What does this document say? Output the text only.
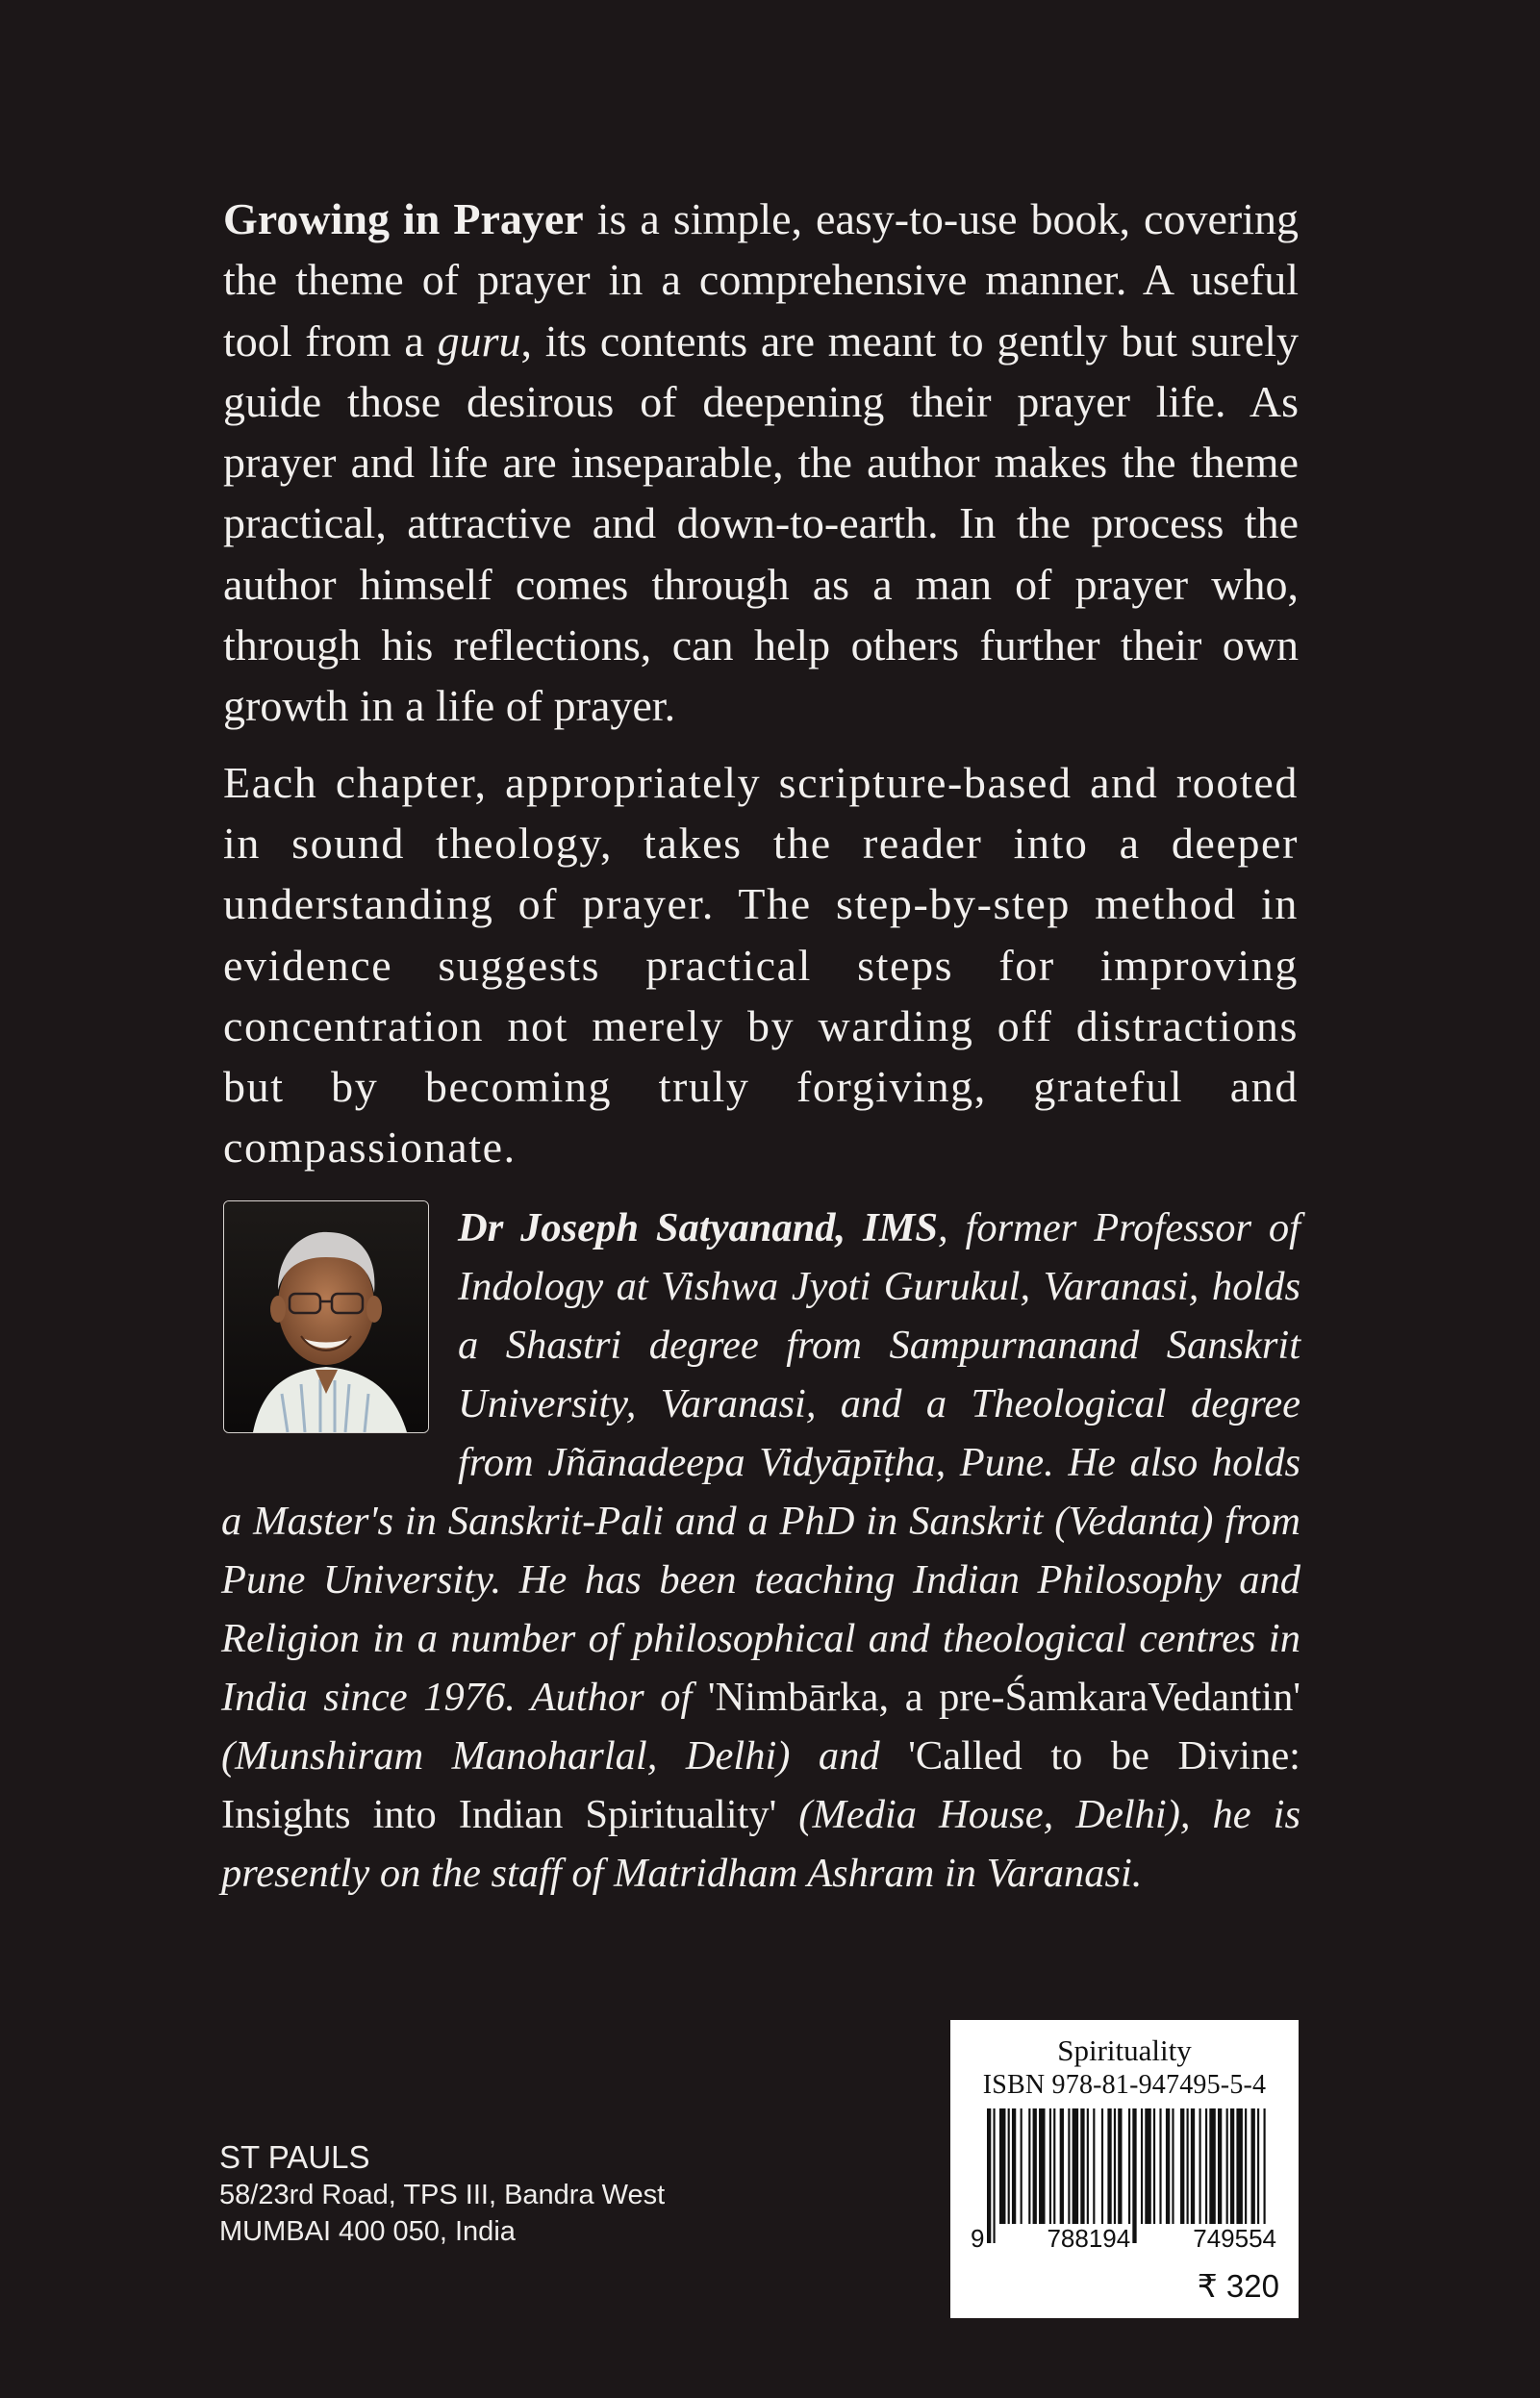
Growing in Prayer is a simple, easy-to-use book, covering the theme of prayer in a comprehensive manner. A useful tool from a guru, its contents are meant to gently but surely guide those desirous of deepening their prayer life. As prayer and life are inseparable, the author makes the theme practical, attractive and down-to-earth. In the process the author himself comes through as a man of prayer who, through his reflections, can help others further their own growth in a life of prayer.

Each chapter, appropriately scripture-based and rooted in sound theology, takes the reader into a deeper understanding of prayer. The step-by-step method in evidence suggests practical steps for improving concentration not merely by warding off distractions but by becoming truly forgiving, grateful and compassionate.

Dr Joseph Satyanand, IMS, former Professor of Indology at Vishwa Jyoti Gurukul, Varanasi, holds a Shastri degree from Sampurnanand Sanskrit University, Varanasi, and a Theological degree from Jñānadeepa Vidyāpīṭha, Pune. He also holds a Master's in Sanskrit-Pali and a PhD in Sanskrit (Vedanta) from Pune University. He has been teaching Indian Philosophy and Religion in a number of philosophical and theological centres in India since 1976. Author of 'Nimbārka, a pre-ŚamkaraVedantin' (Munshiram Manoharlal, Delhi) and 'Called to be Divine: Insights into Indian Spirituality' (Media House, Delhi), he is presently on the staff of Matridham Ashram in Varanasi.

ST PAULS
58/23rd Road, TPS III, Bandra West
MUMBAI 400 050, India
Spirituality
ISBN 978-81-947495-5-4
9	788194	749554
₹ 320
